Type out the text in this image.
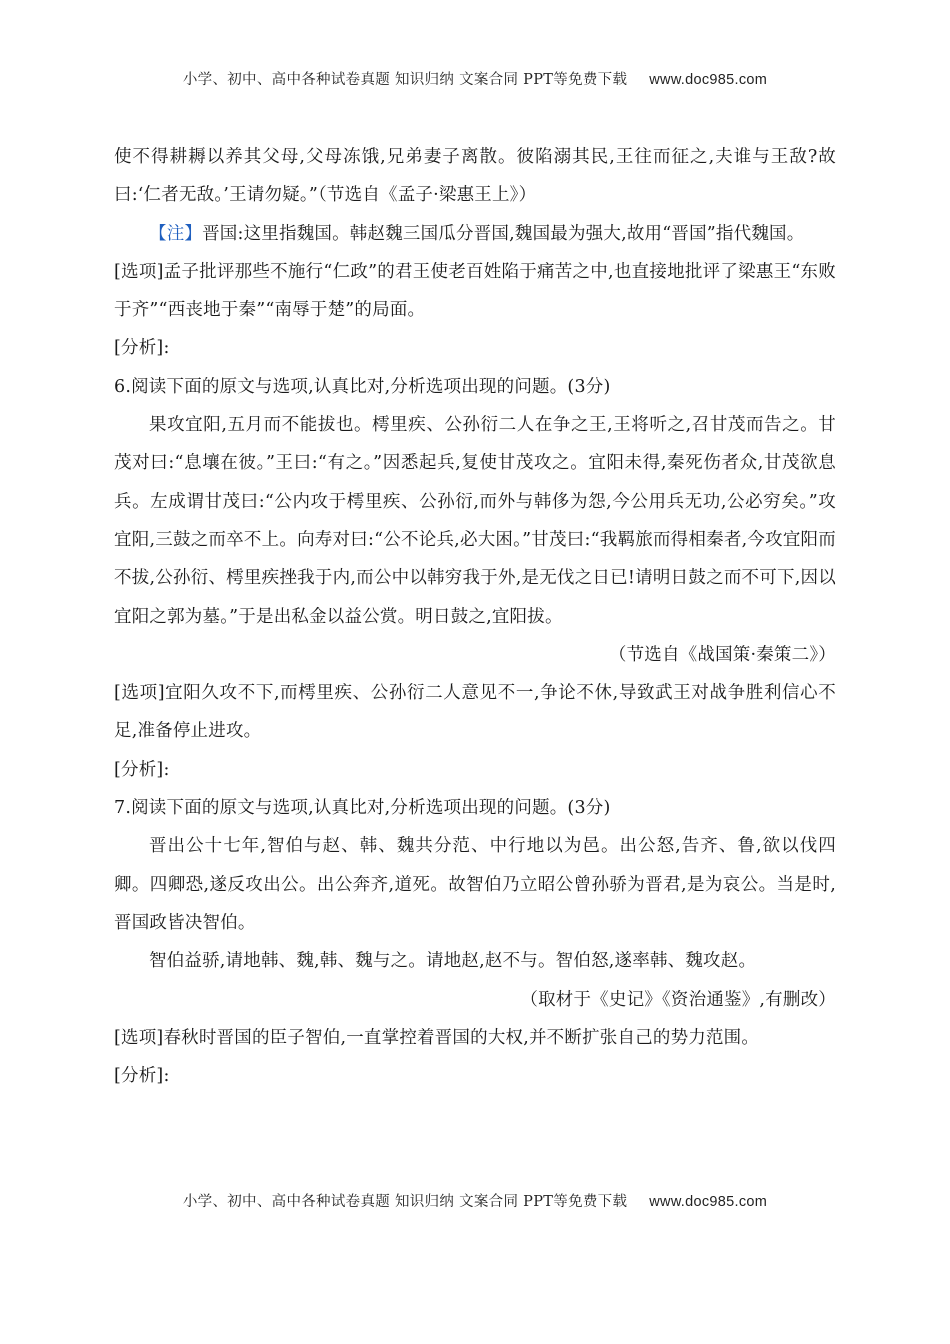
小学、初中、高中各种试卷真题 知识归纳 文案合同 PPT等免费下载 www.doc985.com

使不得耕耨以养其父母,父母冻饿,兄弟妻子离散。彼陷溺其民,王往而征之,夫谁与王敌?故曰:‘仁者无敌。’王请勿疑。”（节选自《孟子·梁惠王上》）

【注】晋国:这里指魏国。韩赵魏三国瓜分晋国,魏国最为强大,故用“晋国”指代魏国。

[选项]孟子批评那些不施行“仁政”的君王使老百姓陷于痛苦之中,也直接地批评了梁惠王“东败于齐”“西丧地于秦”“南辱于楚”的局面。

[分析]:

6.阅读下面的原文与选项,认真比对,分析选项出现的问题。(3分)

果攻宜阳,五月而不能拔也。樗里疾、公孙衍二人在争之王,王将听之,召甘茂而告之。甘茂对曰:“息壤在彼。”王曰:“有之。”因悉起兵,复使甘茂攻之。宜阳未得,秦死伤者众,甘茂欲息兵。左成谓甘茂曰:“公内攻于樗里疾、公孙衍,而外与韩侈为怨,今公用兵无功,公必穷矣。”攻宜阳,三鼓之而卒不上。向寿对曰:“公不论兵,必大困。”甘茂曰:“我羁旅而得相秦者,今攻宜阳而不拔,公孙衍、樗里疾挫我于内,而公中以韩穷我于外,是无伐之日已!请明日鼓之而不可下,因以宜阳之郭为墓。”于是出私金以益公赏。明日鼓之,宜阳拔。

（节选自《战国策·秦策二》）

[选项]宜阳久攻不下,而樗里疾、公孙衍二人意见不一,争论不休,导致武王对战争胜利信心不足,准备停止进攻。

[分析]:

7.阅读下面的原文与选项,认真比对,分析选项出现的问题。(3分)

晋出公十七年,智伯与赵、韩、魏共分范、中行地以为邑。出公怒,告齐、鲁,欲以伐四卿。四卿恐,遂反攻出公。出公奔齐,道死。故智伯乃立昭公曾孙骄为晋君,是为哀公。当是时,晋国政皆决智伯。

智伯益骄,请地韩、魏,韩、魏与之。请地赵,赵不与。智伯怒,遂率韩、魏攻赵。

（取材于《史记》《资治通鉴》,有删改）

[选项]春秋时晋国的臣子智伯,一直掌控着晋国的大权,并不断扩张自己的势力范围。

[分析]:

小学、初中、高中各种试卷真题 知识归纳 文案合同 PPT等免费下载 www.doc985.com
